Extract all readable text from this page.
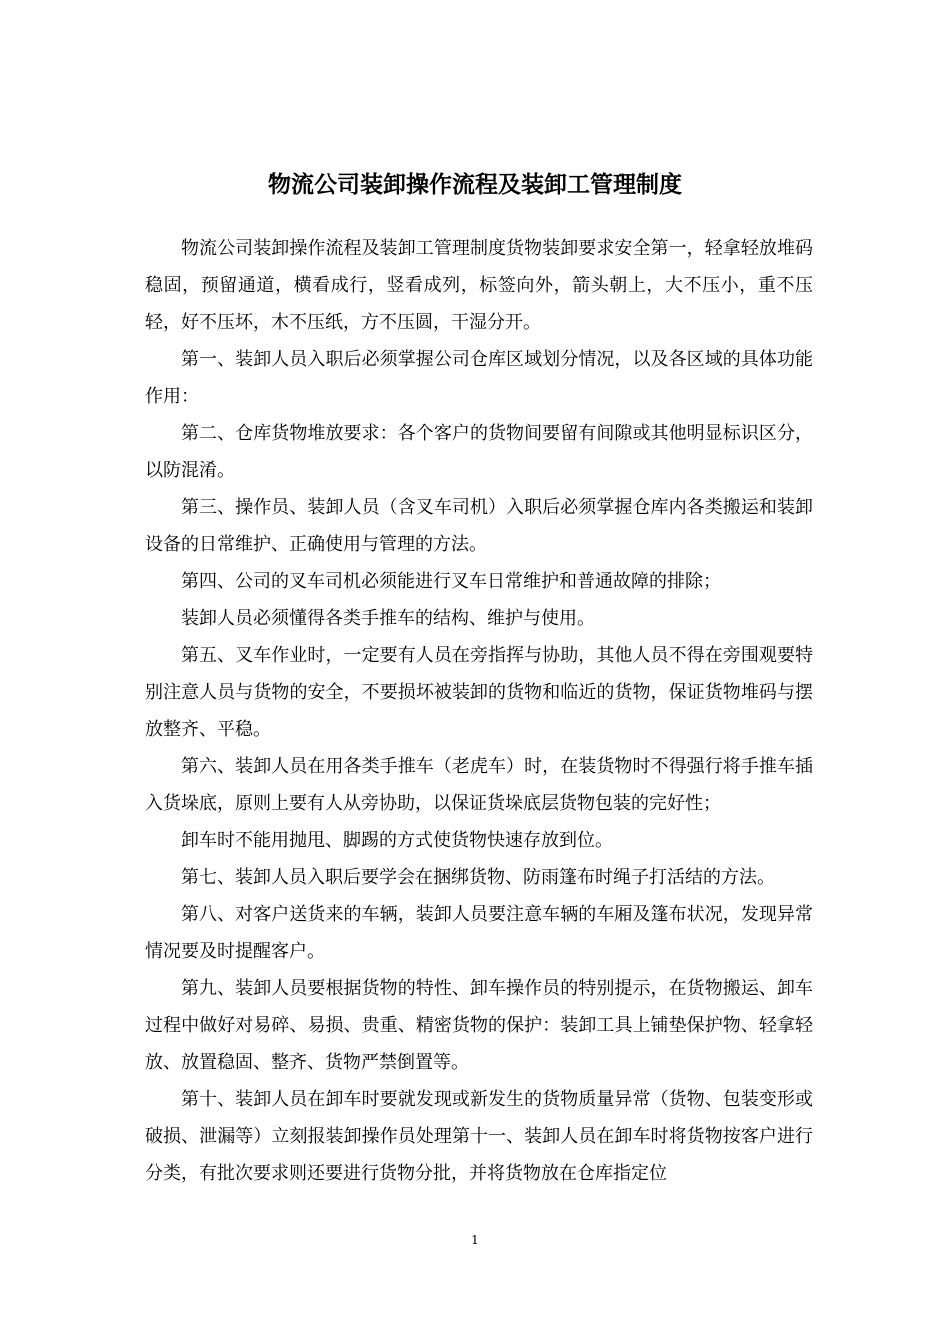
物流公司装卸操作流程及装卸工管理制度

物流公司装卸操作流程及装卸工管理制度货物装卸要求安全第一，轻拿轻放堆码稳固，预留通道，横看成行，竖看成列，标签向外，箭头朝上，大不压小，重不压轻，好不压坏，木不压纸，方不压圆，干湿分开。

第一、装卸人员入职后必须掌握公司仓库区域划分情况，以及各区域的具体功能作用：

第二、仓库货物堆放要求：各个客户的货物间要留有间隙或其他明显标识区分，以防混淆。

第三、操作员、装卸人员（含叉车司机）入职后必须掌握仓库内各类搬运和装卸设备的日常维护、正确使用与管理的方法。

第四、公司的叉车司机必须能进行叉车日常维护和普通故障的排除；

装卸人员必须懂得各类手推车的结构、维护与使用。

第五、叉车作业时，一定要有人员在旁指挥与协助，其他人员不得在旁围观要特别注意人员与货物的安全，不要损坏被装卸的货物和临近的货物，保证货物堆码与摆放整齐、平稳。

第六、装卸人员在用各类手推车（老虎车）时，在装货物时不得强行将手推车插入货垛底，原则上要有人从旁协助，以保证货垛底层货物包装的完好性；

卸车时不能用抛甩、脚踢的方式使货物快速存放到位。

第七、装卸人员入职后要学会在捆绑货物、防雨篷布时绳子打活结的方法。

第八、对客户送货来的车辆，装卸人员要注意车辆的车厢及篷布状况，发现异常情况要及时提醒客户。

第九、装卸人员要根据货物的特性、卸车操作员的特别提示，在货物搬运、卸车过程中做好对易碎、易损、贵重、精密货物的保护：装卸工具上铺垫保护物、轻拿轻放、放置稳固、整齐、货物严禁倒置等。

第十、装卸人员在卸车时要就发现或新发生的货物质量异常（货物、包装变形或破损、泄漏等）立刻报装卸操作员处理第十一、装卸人员在卸车时将货物按客户进行分类，有批次要求则还要进行货物分批，并将货物放在仓库指定位

1
